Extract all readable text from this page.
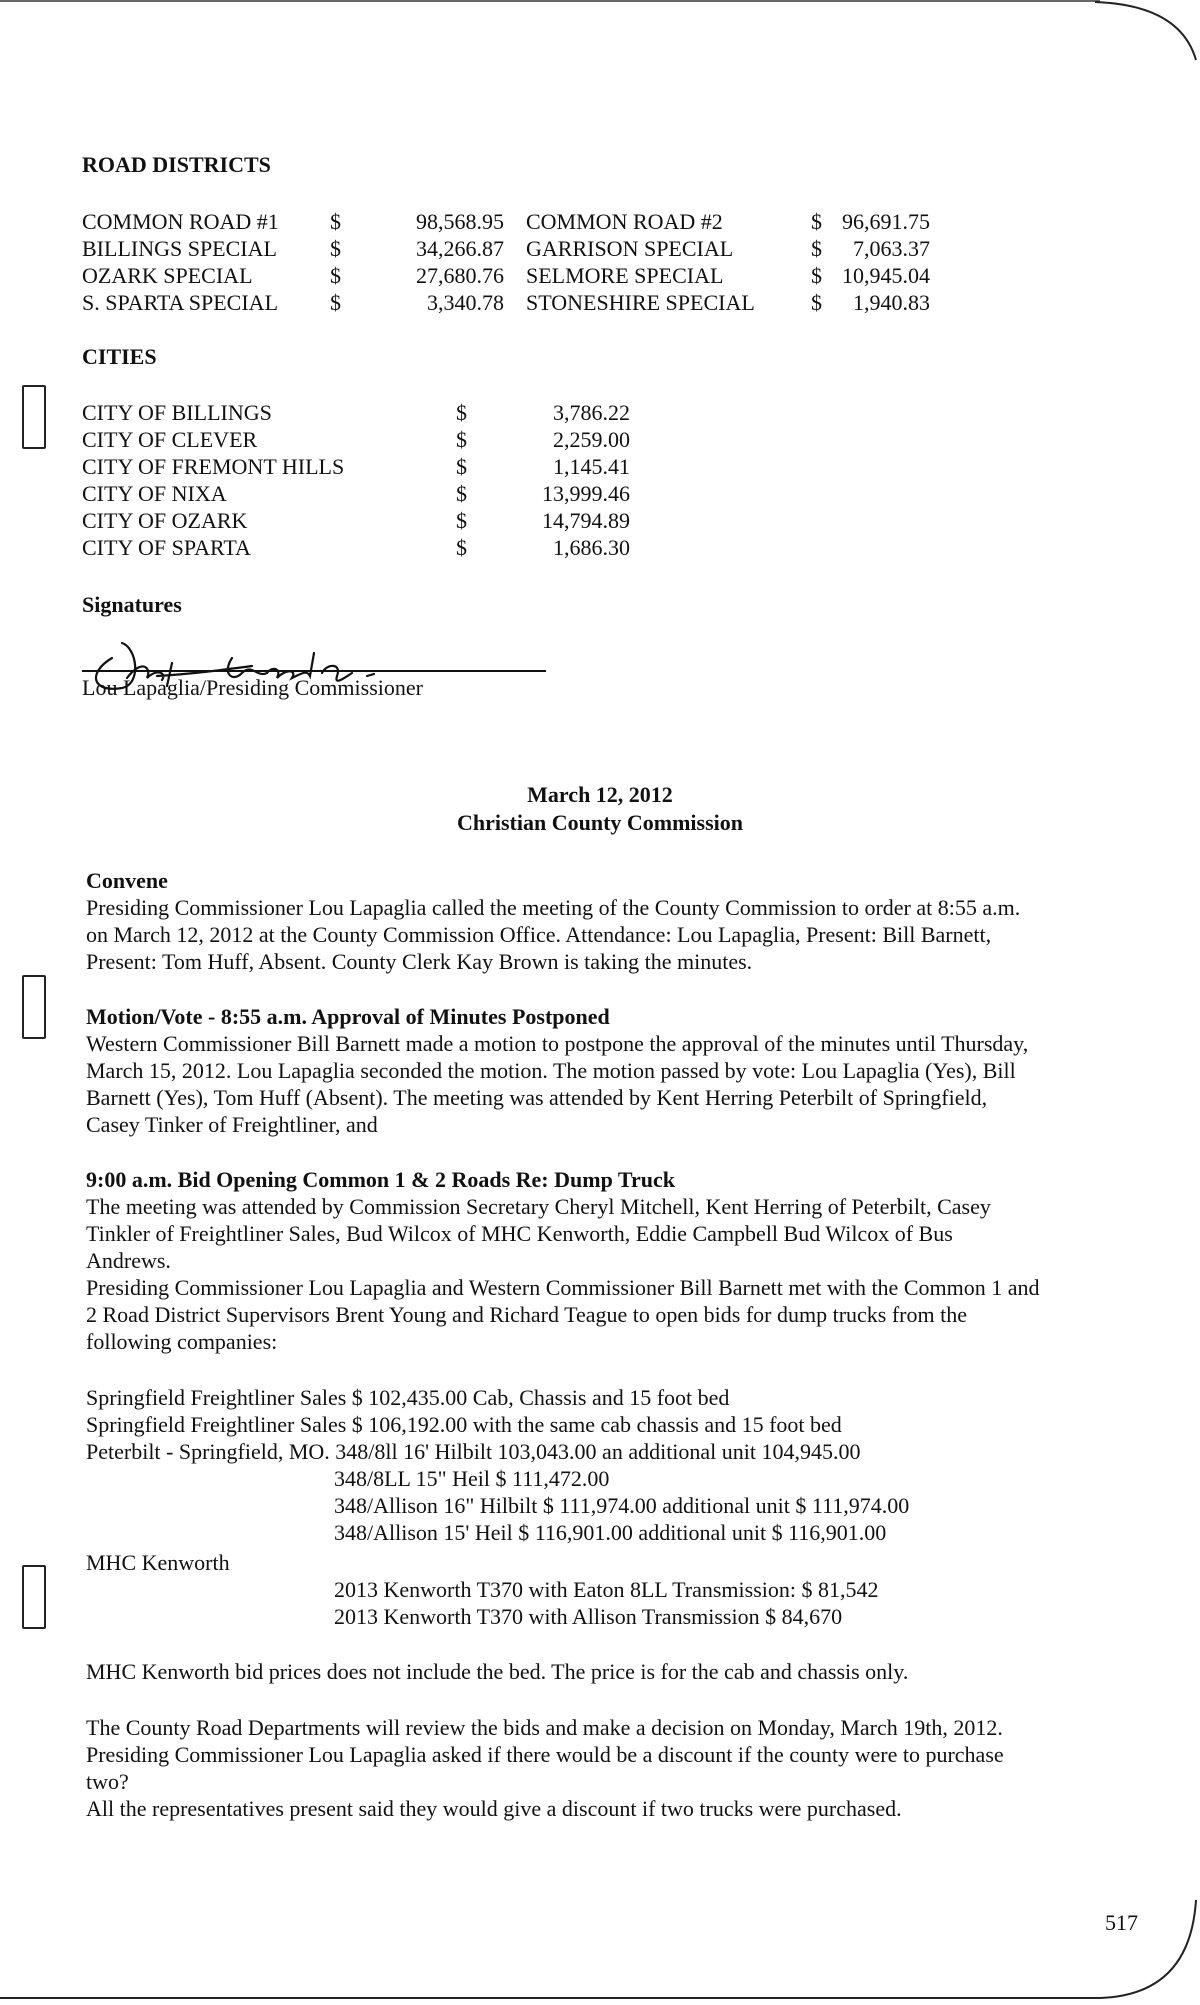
ROAD DISTRICTS
COMMON ROAD #1 $	98,568.95 COMMON ROAD #2	$ 96,691.75
BILLINGS SPECIAL $	34,266.87 GARRISON SPECIAL	$	7,063.37
OZARK SPECIAL	$	27,680.76 SELMORE SPECIAL	$ 10,945.04
S. SPARTA SPECIAL $	3,340.78 STONESHIRE SPECIAL	$	1,940.83
CITIES
CITY OF BILLINGS	$	3,786.22
CITY OF CLEVER	$	2,259.00
CITY OF FREMONT HILLS	$	1,145.41
CITY OF NIXA	$	13,999.46
CITY OF OZARK	$	14,794.89
CITY OF SPARTA	$	1,686.30
Signatures
Lou Lapaglia/Presiding Commissioner
March 12, 2012
Christian County Commission
Convene
Presiding Commissioner Lou Lapaglia called the meeting of the County Commission to order at 8:55 a.m.
on March 12, 2012 at the County Commission Office. Attendance: Lou Lapaglia, Present: Bill Barnett,
Present: Tom Huff, Absent. County Clerk Kay Brown is taking the minutes.
Motion/Vote - 8:55 a.m. Approval of Minutes Postponed
Western Commissioner Bill Barnett made a motion to postpone the approval of the minutes until Thursday,
March 15, 2012. Lou Lapaglia seconded the motion. The motion passed by vote: Lou Lapaglia (Yes), Bill
Barnett (Yes), Tom Huff (Absent). The meeting was attended by Kent Herring Peterbilt of Springfield,
Casey Tinker of Freightliner, and
9:00 a.m. Bid Opening Common 1 & 2 Roads Re: Dump Truck
The meeting was attended by Commission Secretary Cheryl Mitchell, Kent Herring of Peterbilt, Casey
Tinkler of Freightliner Sales, Bud Wilcox of MHC Kenworth, Eddie Campbell Bud Wilcox of Bus
Andrews.
Presiding Commissioner Lou Lapaglia and Western Commissioner Bill Barnett met with the Common 1 and
2 Road District Supervisors Brent Young and Richard Teague to open bids for dump trucks from the
following companies:
Springfield Freightliner Sales $ 102,435.00 Cab, Chassis and 15 foot bed
Springfield Freightliner Sales $ 106,192.00 with the same cab chassis and 15 foot bed
Peterbilt - Springfield, MO. 348/8ll 16' Hilbilt 103,043.00 an additional unit 104,945.00
348/8LL 15" Heil $ 111,472.00
348/Allison 16" Hilbilt $ 111,974.00 additional unit $ 111,974.00
348/Allison 15' Heil $ 116,901.00 additional unit $ 116,901.00
MHC Kenworth
2013 Kenworth T370 with Eaton 8LL Transmission: $ 81,542
2013 Kenworth T370 with Allison Transmission $ 84,670
MHC Kenworth bid prices does not include the bed. The price is for the cab and chassis only.
The County Road Departments will review the bids and make a decision on Monday, March 19th, 2012.
Presiding Commissioner Lou Lapaglia asked if there would be a discount if the county were to purchase
two?
All the representatives present said they would give a discount if two trucks were purchased.
517
